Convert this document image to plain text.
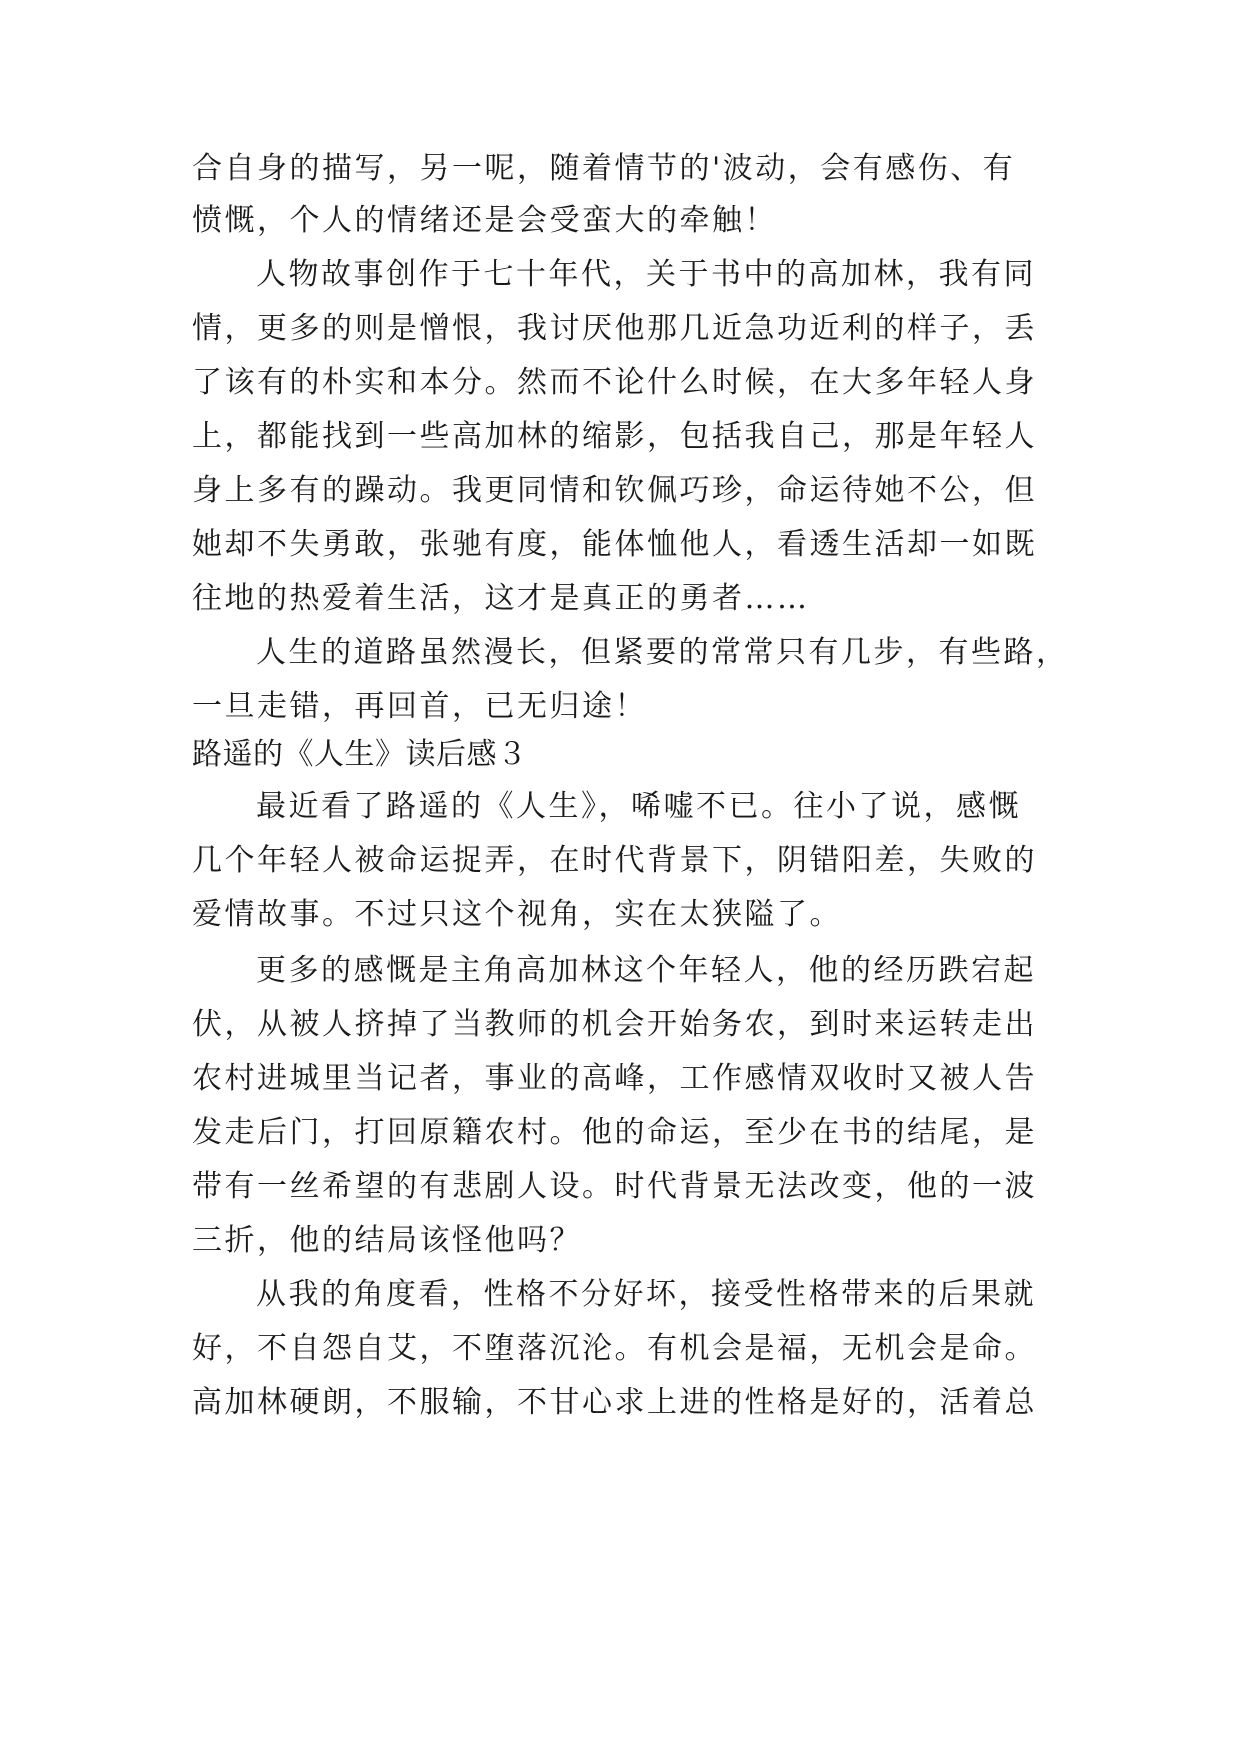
合自身的描写，另一呢，随着情节的'波动，会有感伤、有
愤慨，个人的情绪还是会受蛮大的牵触！
人物故事创作于七十年代，关于书中的高加林，我有同
情，更多的则是憎恨，我讨厌他那几近急功近利的样子，丢
了该有的朴实和本分。然而不论什么时候，在大多年轻人身
上，都能找到一些高加林的缩影，包括我自己，那是年轻人
身上多有的躁动。我更同情和钦佩巧珍，命运待她不公，但
她却不失勇敢，张驰有度，能体恤他人，看透生活却一如既
往地的热爱着生活，这才是真正的勇者……
人生的道路虽然漫长，但紧要的常常只有几步，有些路，
一旦走错，再回首，已无归途！
路遥的《人生》读后感３
最近看了路遥的《人生》，唏嘘不已。往小了说，感慨
几个年轻人被命运捉弄，在时代背景下，阴错阳差，失败的
爱情故事。不过只这个视角，实在太狭隘了。
更多的感慨是主角高加林这个年轻人，他的经历跌宕起
伏，从被人挤掉了当教师的机会开始务农，到时来运转走出
农村进城里当记者，事业的高峰，工作感情双收时又被人告
发走后门，打回原籍农村。他的命运，至少在书的结尾，是
带有一丝希望的有悲剧人设。时代背景无法改变，他的一波
三折，他的结局该怪他吗？
从我的角度看，性格不分好坏，接受性格带来的后果就
好，不自怨自艾，不堕落沉沦。有机会是福，无机会是命。
高加林硬朗，不服输，不甘心求上进的性格是好的，活着总
